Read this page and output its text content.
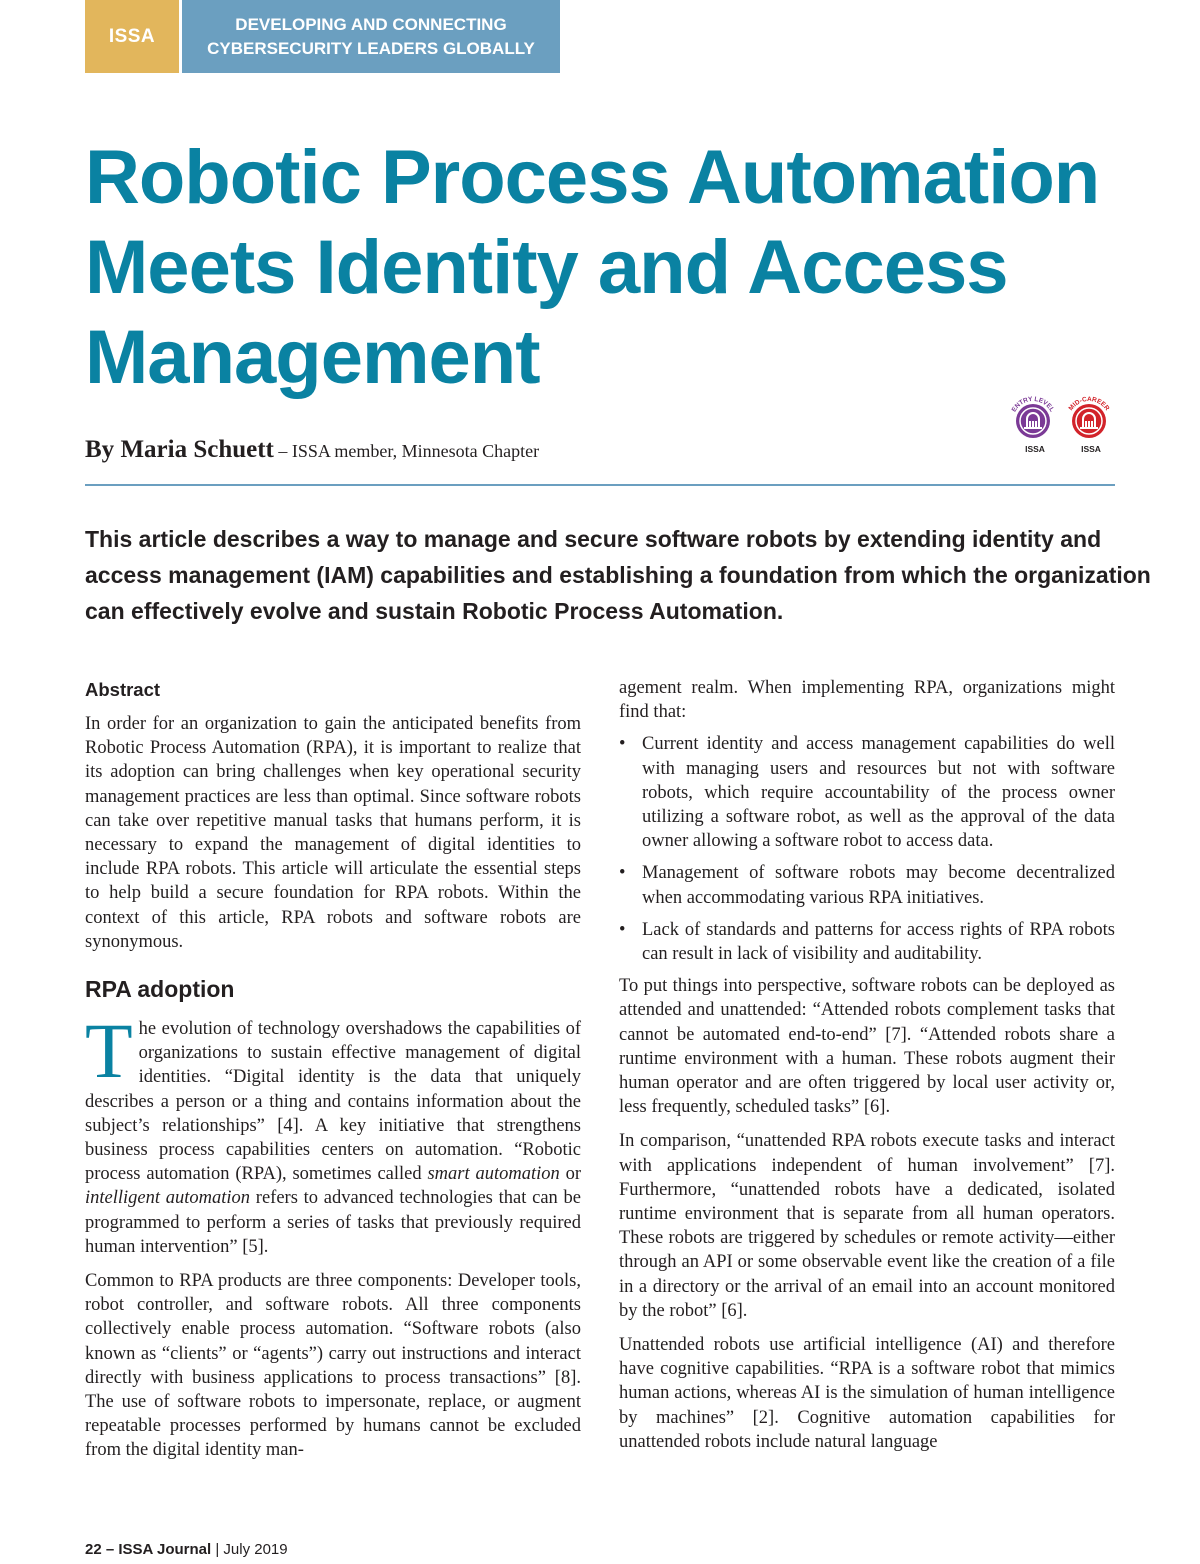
ISSA
DEVELOPING AND CONNECTING
CYBERSECURITY LEADERS GLOBALLY
Robotic Process Automation
Meets Identity and Access
Management
By Maria Schuett – ISSA member, Minnesota Chapter
ENTRY LEVEL
ISSA
MID-CAREER
ISSA

This article describes a way to manage and secure software robots by extending identity and
access management (IAM) capabilities and establishing a foundation from which the organization
can effectively evolve and sustain Robotic Process Automation.

Abstract

In order for an organization to gain the anticipated benefits from Robotic Process Automation (RPA), it is important to realize that its adoption can bring challenges when key operational security management practices are less than optimal. Since software robots can take over repetitive manual tasks that humans perform, it is necessary to expand the management of digital identities to include RPA robots. This article will articulate the essential steps to help build a secure foundation for RPA robots. Within the context of this article, RPA robots and software robots are synonymous.

RPA adoption

The evolution of technology overshadows the capabilities of organizations to sustain effective management of digital identities. “Digital identity is the data that uniquely describes a person or a thing and contains information about the subject’s relationships” [4]. A key initiative that strengthens business process capabilities centers on automation. “Robotic process automation (RPA), sometimes called smart automation or intelligent automation refers to advanced technologies that can be programmed to perform a series of tasks that previously required human intervention” [5].

Common to RPA products are three components: Developer tools, robot controller, and software robots. All three components collectively enable process automation. “Software robots (also known as “clients” or “agents”) carry out instructions and interact directly with business applications to process transactions” [8]. The use of software robots to impersonate, replace, or augment repeatable processes performed by humans cannot be excluded from the digital identity man-

agement realm. When implementing RPA, organizations might find that:

• Current identity and access management capabilities do well with managing users and resources but not with software robots, which require accountability of the process owner utilizing a software robot, as well as the approval of the data owner allowing a software robot to access data.
• Management of software robots may become decentralized when accommodating various RPA initiatives.
• Lack of standards and patterns for access rights of RPA robots can result in lack of visibility and auditability.

To put things into perspective, software robots can be deployed as attended and unattended: “Attended robots complement tasks that cannot be automated end-to-end” [7]. “Attended robots share a runtime environment with a human. These robots augment their human operator and are often triggered by local user activity or, less frequently, scheduled tasks” [6].

In comparison, “unattended RPA robots execute tasks and interact with applications independent of human involvement” [7]. Furthermore, “unattended robots have a dedicated, isolated runtime environment that is separate from all human operators. These robots are triggered by schedules or remote activity—either through an API or some observable event like the creation of a file in a directory or the arrival of an email into an account monitored by the robot” [6].

Unattended robots use artificial intelligence (AI) and therefore have cognitive capabilities. “RPA is a software robot that mimics human actions, whereas AI is the simulation of human intelligence by machines” [2]. Cognitive automation capabilities for unattended robots include natural language

22 – ISSA Journal | July 2019
